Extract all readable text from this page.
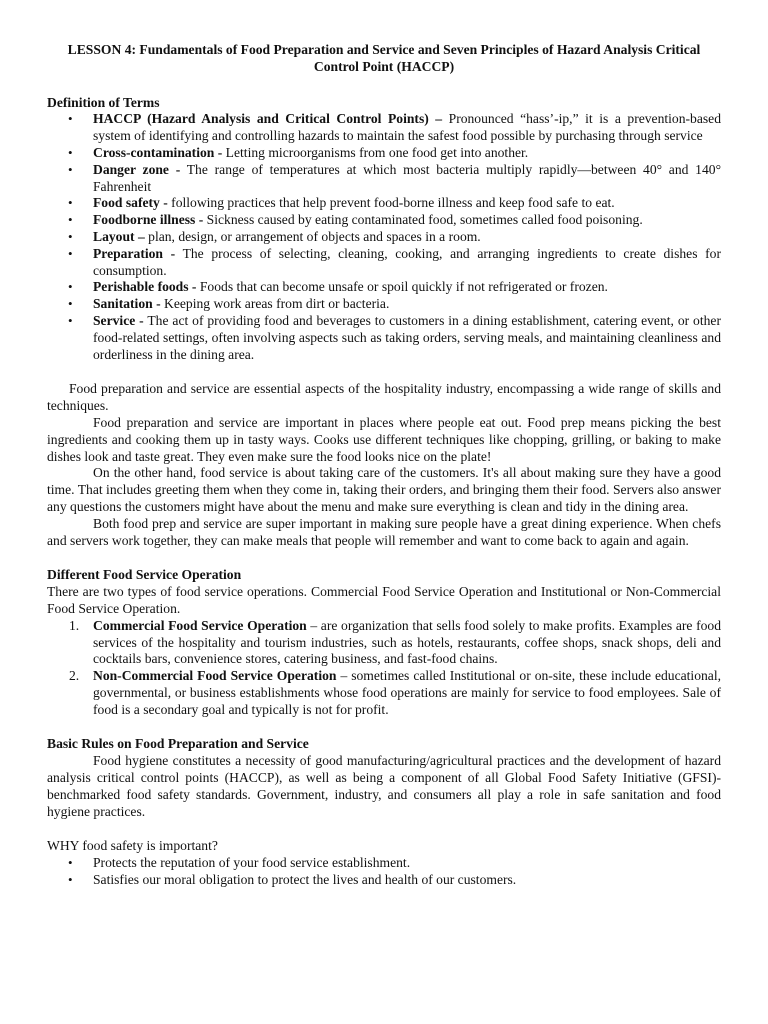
LESSON 4: Fundamentals of Food Preparation and Service and Seven Principles of Hazard Analysis Critical Control Point (HACCP)

Definition of Terms

• HACCP (Hazard Analysis and Critical Control Points) – Pronounced “hass’-ip,” it is a prevention-based system of identifying and controlling hazards to maintain the safest food possible by purchasing through service
• Cross-contamination - Letting microorganisms from one food get into another.
• Danger zone - The range of temperatures at which most bacteria multiply rapidly—between 40° and 140° Fahrenheit
• Food safety - following practices that help prevent food-borne illness and keep food safe to eat.
• Foodborne illness - Sickness caused by eating contaminated food, sometimes called food poisoning.
• Layout – plan, design, or arrangement of objects and spaces in a room.
• Preparation - The process of selecting, cleaning, cooking, and arranging ingredients to create dishes for consumption.
• Perishable foods - Foods that can become unsafe or spoil quickly if not refrigerated or frozen.
• Sanitation - Keeping work areas from dirt or bacteria.
• Service - The act of providing food and beverages to customers in a dining establishment, catering event, or other food-related settings, often involving aspects such as taking orders, serving meals, and maintaining cleanliness and orderliness in the dining area.

Food preparation and service are essential aspects of the hospitality industry, encompassing a wide range of skills and techniques.

Food preparation and service are important in places where people eat out. Food prep means picking the best ingredients and cooking them up in tasty ways. Cooks use different techniques like chopping, grilling, or baking to make dishes look and taste great. They even make sure the food looks nice on the plate!

On the other hand, food service is about taking care of the customers. It's all about making sure they have a good time. That includes greeting them when they come in, taking their orders, and bringing them their food. Servers also answer any questions the customers might have about the menu and make sure everything is clean and tidy in the dining area.

Both food prep and service are super important in making sure people have a great dining experience. When chefs and servers work together, they can make meals that people will remember and want to come back to again and again.

Different Food Service Operation

There are two types of food service operations. Commercial Food Service Operation and Institutional or Non-Commercial Food Service Operation.

1. Commercial Food Service Operation – are organization that sells food solely to make profits. Examples are food services of the hospitality and tourism industries, such as hotels, restaurants, coffee shops, snack shops, deli and cocktails bars, convenience stores, catering business, and fast-food chains.
2. Non-Commercial Food Service Operation – sometimes called Institutional or on-site, these include educational, governmental, or business establishments whose food operations are mainly for service to food employees. Sale of food is a secondary goal and typically is not for profit.

Basic Rules on Food Preparation and Service

Food hygiene constitutes a necessity of good manufacturing/agricultural practices and the development of hazard analysis critical control points (HACCP), as well as being a component of all Global Food Safety Initiative (GFSI)-benchmarked food safety standards. Government, industry, and consumers all play a role in safe sanitation and food hygiene practices.

WHY food safety is important?

• Protects the reputation of your food service establishment.
• Satisfies our moral obligation to protect the lives and health of our customers.
